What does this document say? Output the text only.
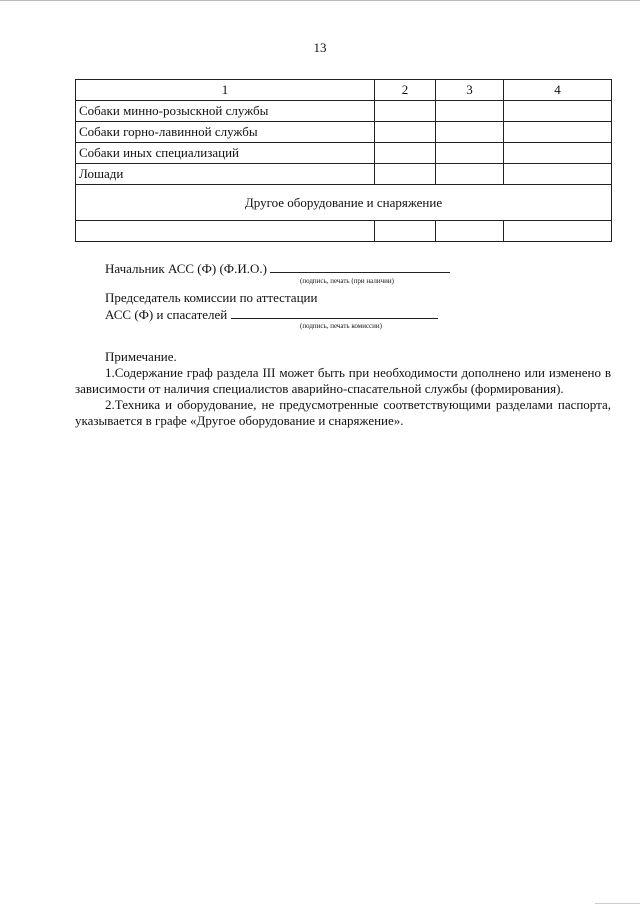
13
1	2	3	4
Собаки минно-розыскной службы			
Собаки горно-лавинной службы			
Собаки иных специализаций			
Лошади			
Другое оборудование и снаряжение			

Начальник АСС (Ф) (Ф.И.О.)
(подпись, печать (при наличии)
Председатель комиссии по аттестации
АСС (Ф) и спасателей
(подпись, печать комиссии)
Примечание.
1.Содержание граф раздела III может быть при необходимости дополнено или изменено в
зависимости от наличия специалистов аварийно-спасательной службы (формирования).
2.Техника и оборудование, не предусмотренные соответствующими разделами паспорта,
указывается в графе «Другое оборудование и снаряжение».
